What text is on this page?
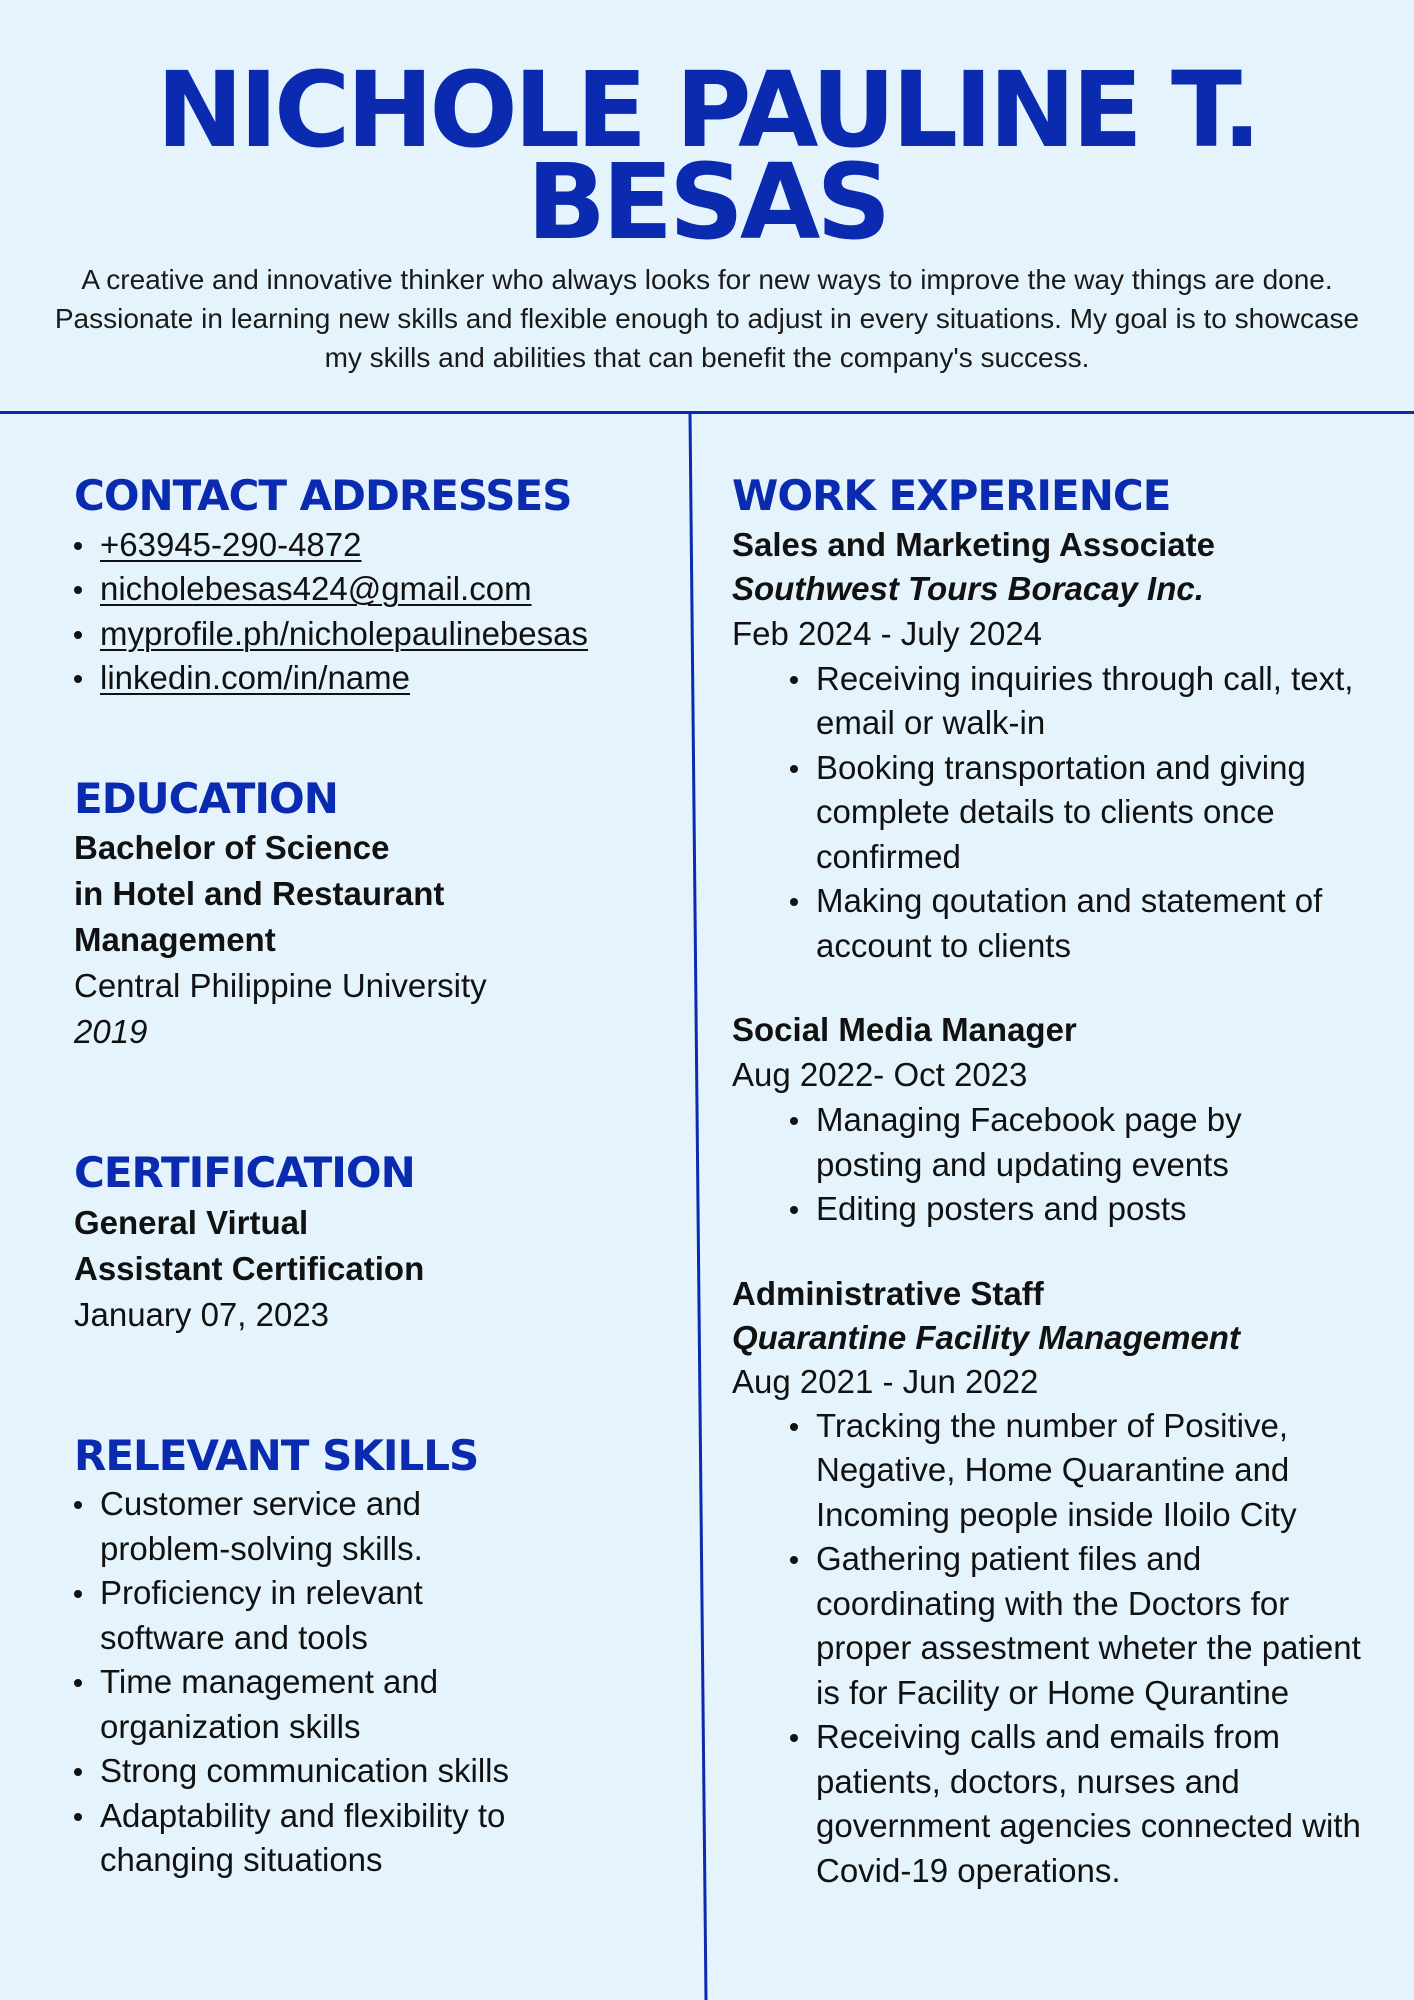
NICHOLE PAULINE T.
BESAS
A creative and innovative thinker who always looks for new ways to improve the way things are done. Passionate in learning new skills and flexible enough to adjust in every situations. My goal is to showcase my skills and abilities that can benefit the company's success.
CONTACT ADDRESSES
+63945-290-4872
nicholebesas424@gmail.com
myprofile.ph/nicholepaulinebesas
linkedin.com/in/name
EDUCATION
Bachelor of Science
in Hotel and Restaurant
Management
Central Philippine University
2019
CERTIFICATION
General Virtual
Assistant Certification
January 07, 2023
RELEVANT SKILLS
Customer service and problem-solving skills.
Proficiency in relevant software and tools
Time management and organization skills
Strong communication skills
Adaptability and flexibility to changing situations
WORK EXPERIENCE
Sales and Marketing Associate
Southwest Tours Boracay Inc.
Feb 2024 - July 2024
Receiving inquiries through call, text, email or walk-in
Booking transportation and giving complete details to clients once confirmed
Making qoutation and statement of account to clients
Social Media Manager
Aug 2022- Oct 2023
Managing Facebook page by posting and updating events
Editing posters and posts
Administrative Staff
Quarantine Facility Management
Aug 2021 - Jun 2022
Tracking the number of Positive, Negative, Home Quarantine and Incoming people inside Iloilo City
Gathering patient files and coordinating with the Doctors for proper assestment wheter the patient is for Facility or Home Qurantine
Receiving calls and emails from patients, doctors, nurses and government agencies connected with Covid-19 operations.
